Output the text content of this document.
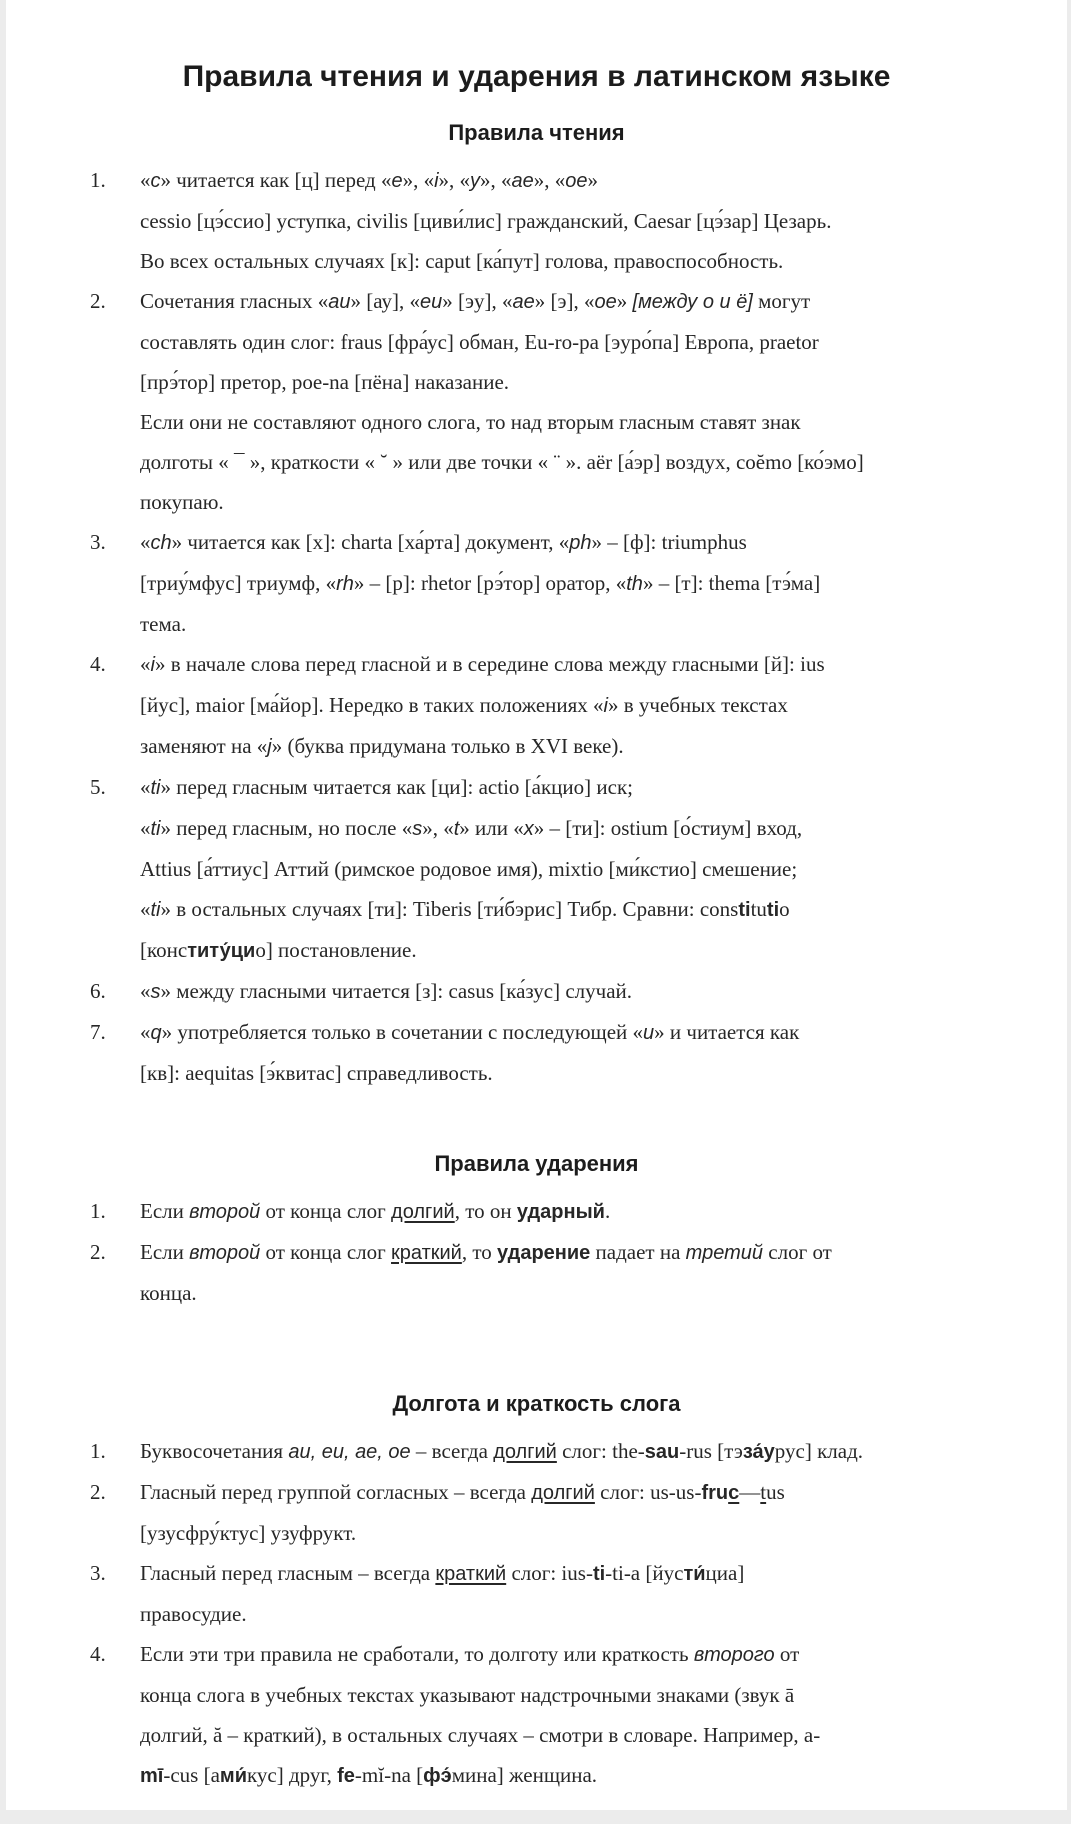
Правила чтения и ударения в латинском языке
Правила чтения
1.	«с» читается как [ц] перед «е», «i», «у», «ае», «ое»
cessio [цэ́ссио] уступка, civilis [циви́лис] гражданский, Caesar [цэ́зар] Цезарь.
Во всех остальных случаях [к]: caput [ка́пут] голова, правоспособность.
2.	Сочетания гласных «au» [ау], «eu» [эу], «ае» [э], «ое» [между о и ё] могут
составлять один слог: fraus [фра́ус] обман, Eu-ro-pa [эуро́па] Европа, praetor
[прэ́тор] претор, poe-na [пёна] наказание.
Если они не составляют одного слога, то над вторым гласным ставят знак
долготы « ¯ », краткости « ˘ » или две точки « ¨ ». aër [а́эр] воздух, coĕmo [ко́эмо]
покупаю.
3.	«ch» читается как [х]: charta [ха́рта] документ, «ph» – [ф]: triumphus
[триу́мфус] триумф, «rh» – [р]: rhetor [рэ́тор] оратор, «th» – [т]: thema [тэ́ма]
тема.
4.	«i» в начале слова перед гласной и в середине слова между гласными [й]: ius
[йус], maior [ма́йор]. Нередко в таких положениях «i» в учебных текстах
заменяют на «j» (буква придумана только в XVI веке).
5.	«ti» перед гласным читается как [ци]: actio [а́кцио] иск;
«ti» перед гласным, но после «s», «t» или «x» – [ти]: ostium [о́стиум] вход,
Attius [а́ттиус] Аттий (римское родовое имя), mixtio [ми́кстио] смешение;
«ti» в остальных случаях [ти]: Tiberis [ти́бэрис] Тибр. Сравни: constitutio
[конститу́цио] постановление.
6.	«s» между гласными читается [з]: casus [ка́зус] случай.
7.	«q» употребляется только в сочетании с последующей «u» и читается как
[кв]: aequitas [э́квитас] справедливость.
Правила ударения
1.	Если второй от конца слог долгий, то он ударный.
2.	Если второй от конца слог краткий, то ударение падает на третий слог от
конца.
Долгота и краткость слога
1.	Буквосочетания au, eu, ae, oe – всегда долгий слог: the-sau-rus [тэза́урус] клад.
2.	Гласный перед группой согласных – всегда долгий слог: us-us-fruc—tus
[узусфру́ктус] узуфрукт.
3.	Гласный перед гласным – всегда краткий слог: ius-ti-ti-a [йусти́циа]
правосудие.
4.	Если эти три правила не сработали, то долготу или краткость второго от
конца слога в учебных текстах указывают надстрочными знаками (звук ā
долгий, ă – краткий), в остальных случаях – смотри в словаре. Например, a-
mī-cus [ами́кус] друг, fe-mĭ-na [фэ́мина] женщина.
